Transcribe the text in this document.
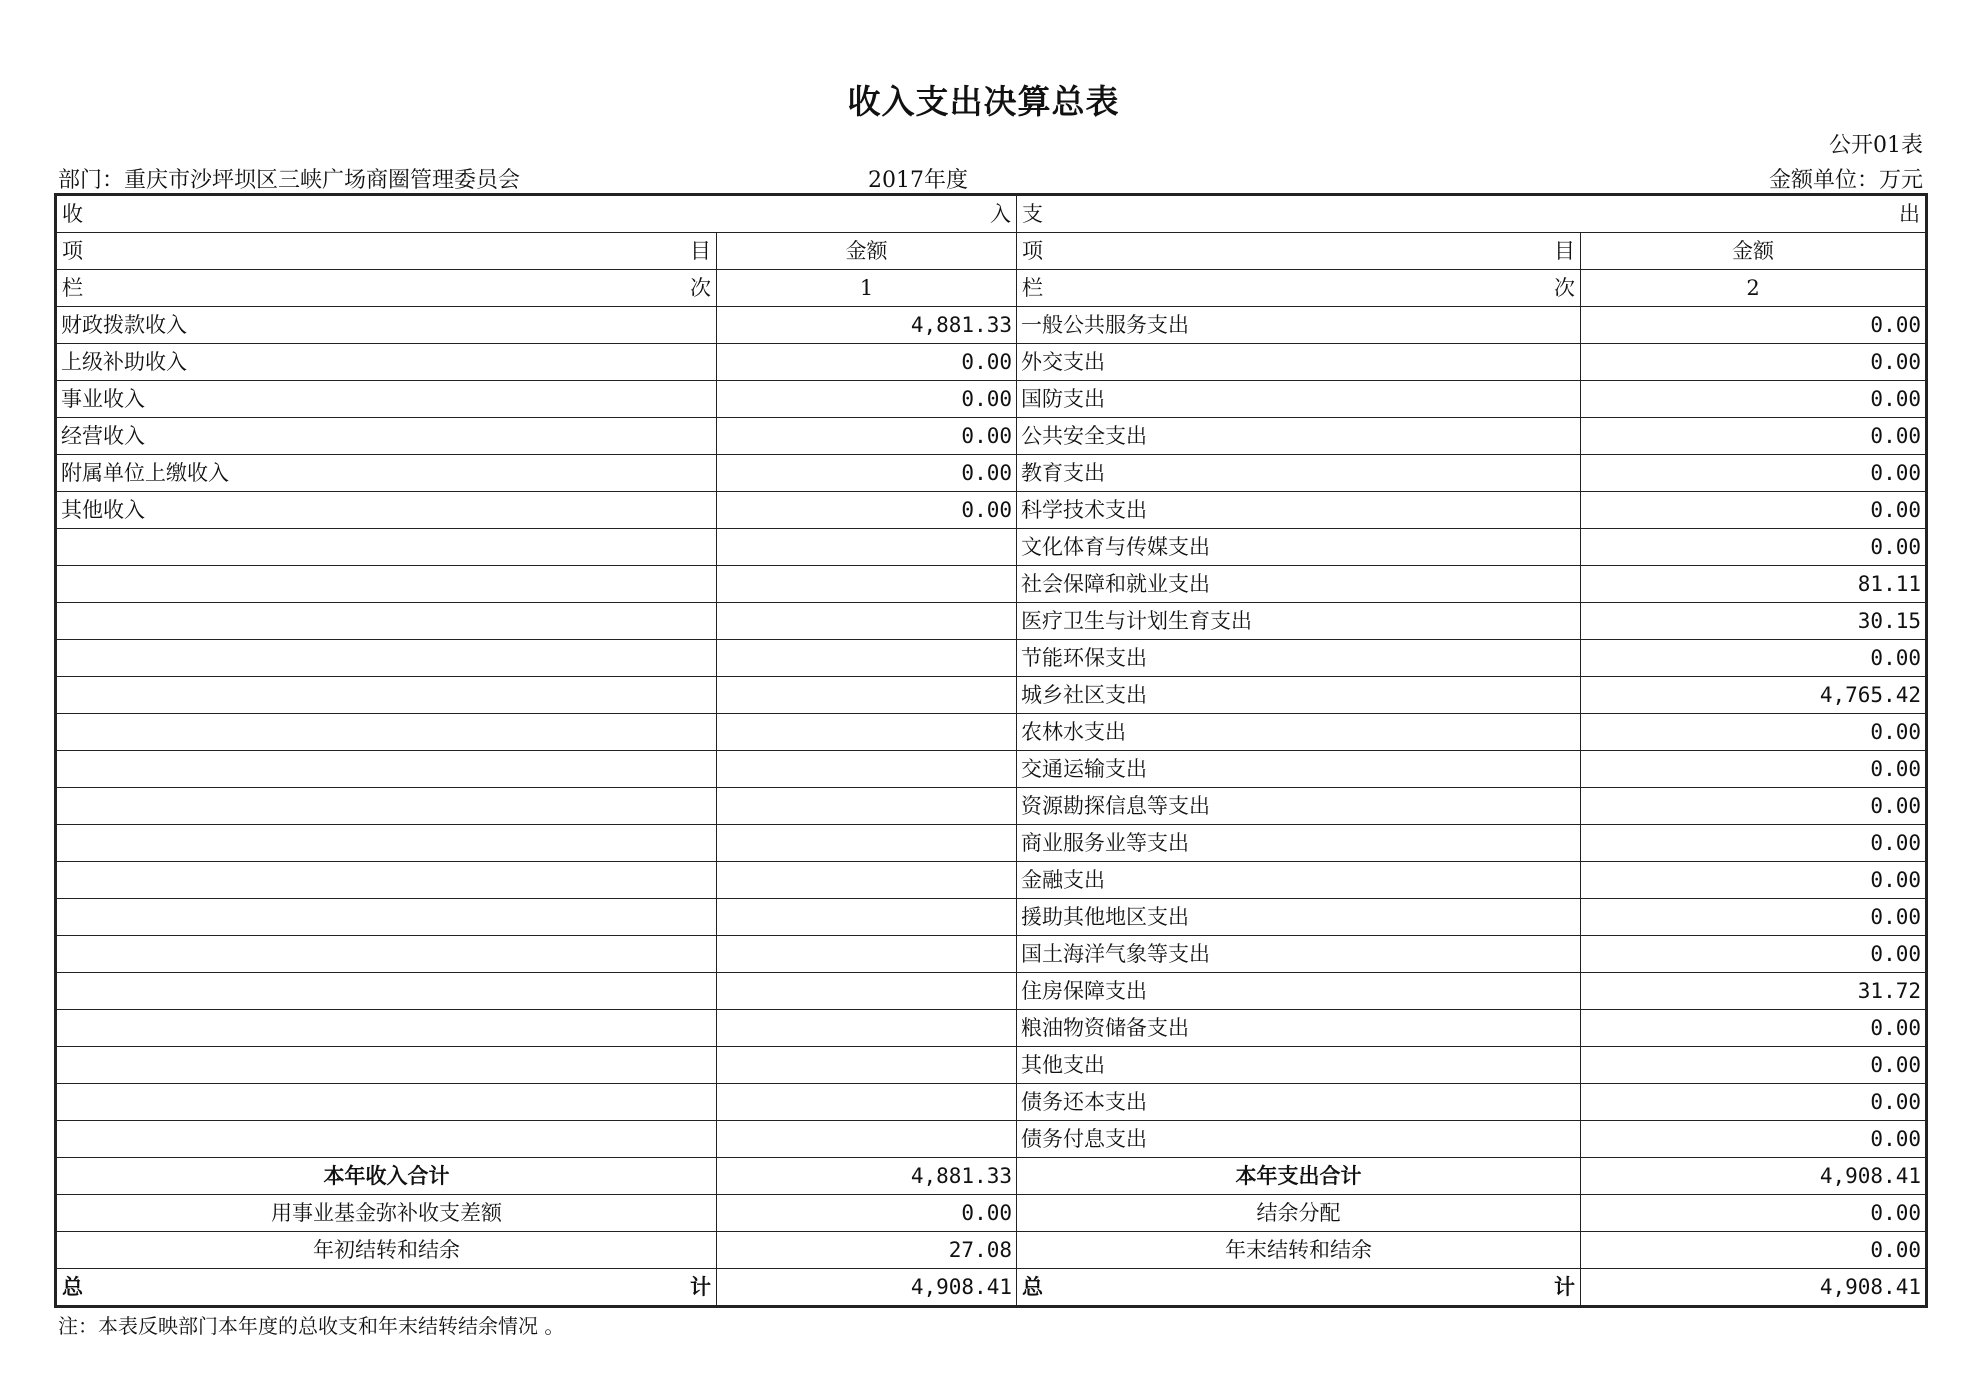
收入支出决算总表
公开01表
部门：重庆市沙坪坝区三峡广场商圈管理委员会	2017年度	金额单位：万元
收 入		支 出	

项 目	金额	项 目	金额

栏 次	1	栏 次	2
财政拨款收入	4,881.33	一般公共服务支出	0.00
上级补助收入	0.00	外交支出	0.00
事业收入	0.00	国防支出	0.00
经营收入	0.00	公共安全支出	0.00
附属单位上缴收入	0.00	教育支出	0.00
其他收入	0.00	科学技术支出	0.00
		文化体育与传媒支出	0.00
		社会保障和就业支出	81.11
		医疗卫生与计划生育支出	30.15
		节能环保支出	0.00
		城乡社区支出	4,765.42
		农林水支出	0.00
		交通运输支出	0.00
		资源勘探信息等支出	0.00
		商业服务业等支出	0.00
		金融支出	0.00
		援助其他地区支出	0.00
		国土海洋气象等支出	0.00
		住房保障支出	31.72
		粮油物资储备支出	0.00
		其他支出	0.00
		债务还本支出	0.00
		债务付息支出	0.00
本年收入合计	4,881.33	本年支出合计	4,908.41
用事业基金弥补收支差额	0.00	结余分配	0.00
年初结转和结余	27.08	年末结转和结余	0.00

总 计	4,908.41	总 计	4,908.41
注：本表反映部门本年度的总收支和年末结转结余情况 。
